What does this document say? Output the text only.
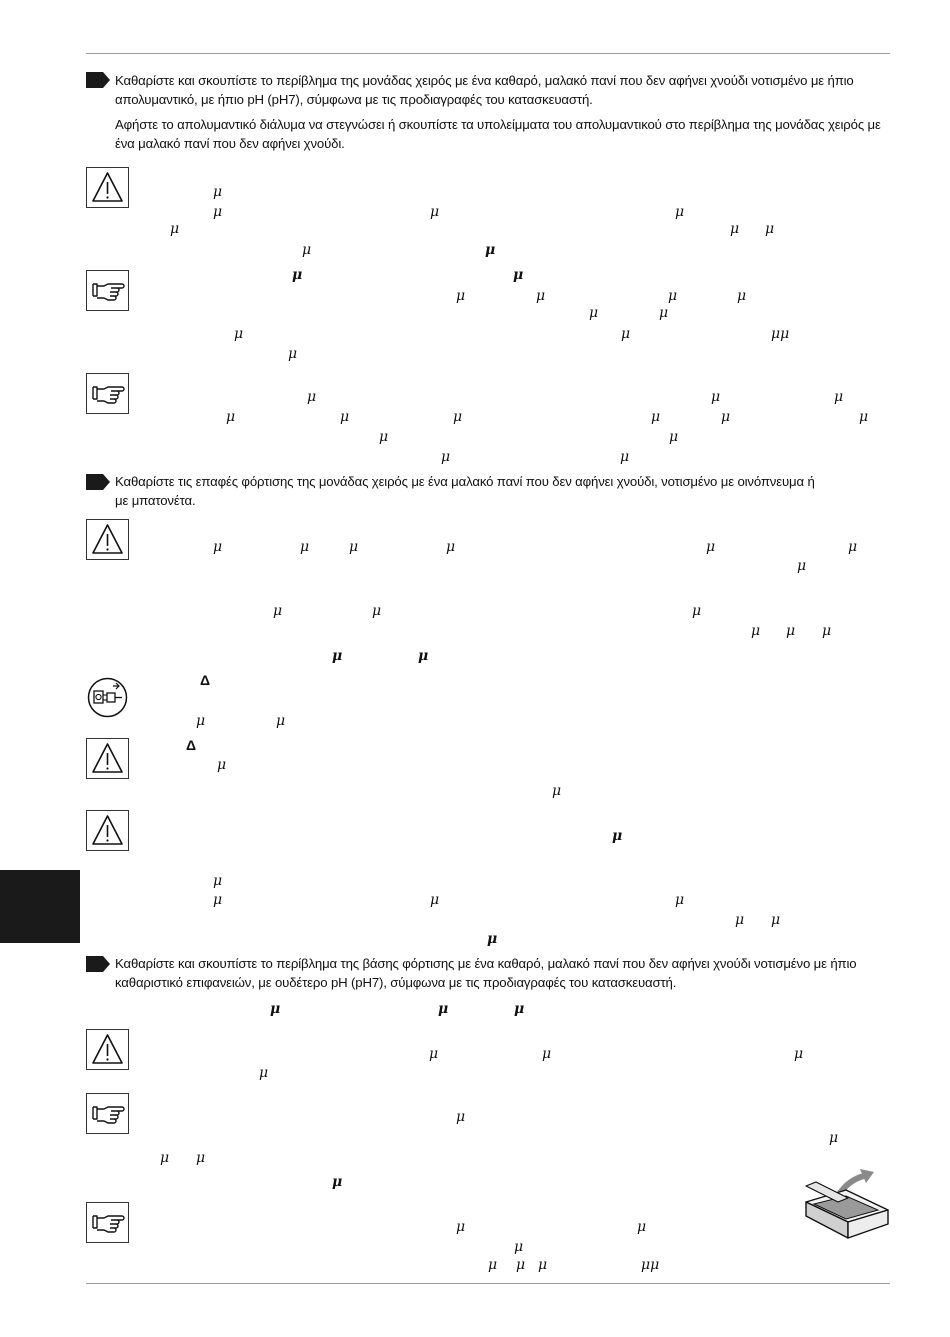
Καθαρίστε και σκουπίστε το περίβλημα της μονάδας χειρός με ένα καθαρό, μαλακό πανί που δεν αφήνει χνούδι νοτισμένο με ήπιο απολυμαντικό, με ήπιο pH (pH7), σύμφωνα με τις προδιαγραφές του κατασκευαστή.

Αφήστε το απολυμαντικό διάλυμα να στεγνώσει ή σκουπίστε τα υπολείμματα του απολυμαντικού στο περίβλημα της μονάδας χειρός με ένα μαλακό πανί που δεν αφήνει χνούδι.

μ
μ	μ	μ
μ	μ μ
μ	μ
μ	μ
μ	μ	μ	μ
μ	μ
μ	μ	μμ
μ
μ	μ	μ
μ	μ	μ	μ	μ	μ
μ	μ
μ	μ

Καθαρίστε τις επαφές φόρτισης της μονάδας χειρός με ένα μαλακό πανί που δεν αφήνει χνούδι, νοτισμένο με οινόπνευμα ή με μπατονέτα.

μ	μ	μ	μ	μ	μ
μ
μ	μ	μ
μ μ μ
μ	μ
Δ
μ	μ
Δ
μ
μ
μ
μ
μ	μ	μ
μ μ
μ

Καθαρίστε και σκουπίστε το περίβλημα της βάσης φόρτισης με ένα καθαρό, μαλακό πανί που δεν αφήνει χνούδι νοτισμένο με ήπιο καθαριστικό επιφανειών, με ουδέτερο pH (pH7), σύμφωνα με τις προδιαγραφές του κατασκευαστή.

μ	μ	μ
μ	μ	μ
μ
μ
μ
μ μ
μ
μ	μ
μ
μ μ μ	μμ
